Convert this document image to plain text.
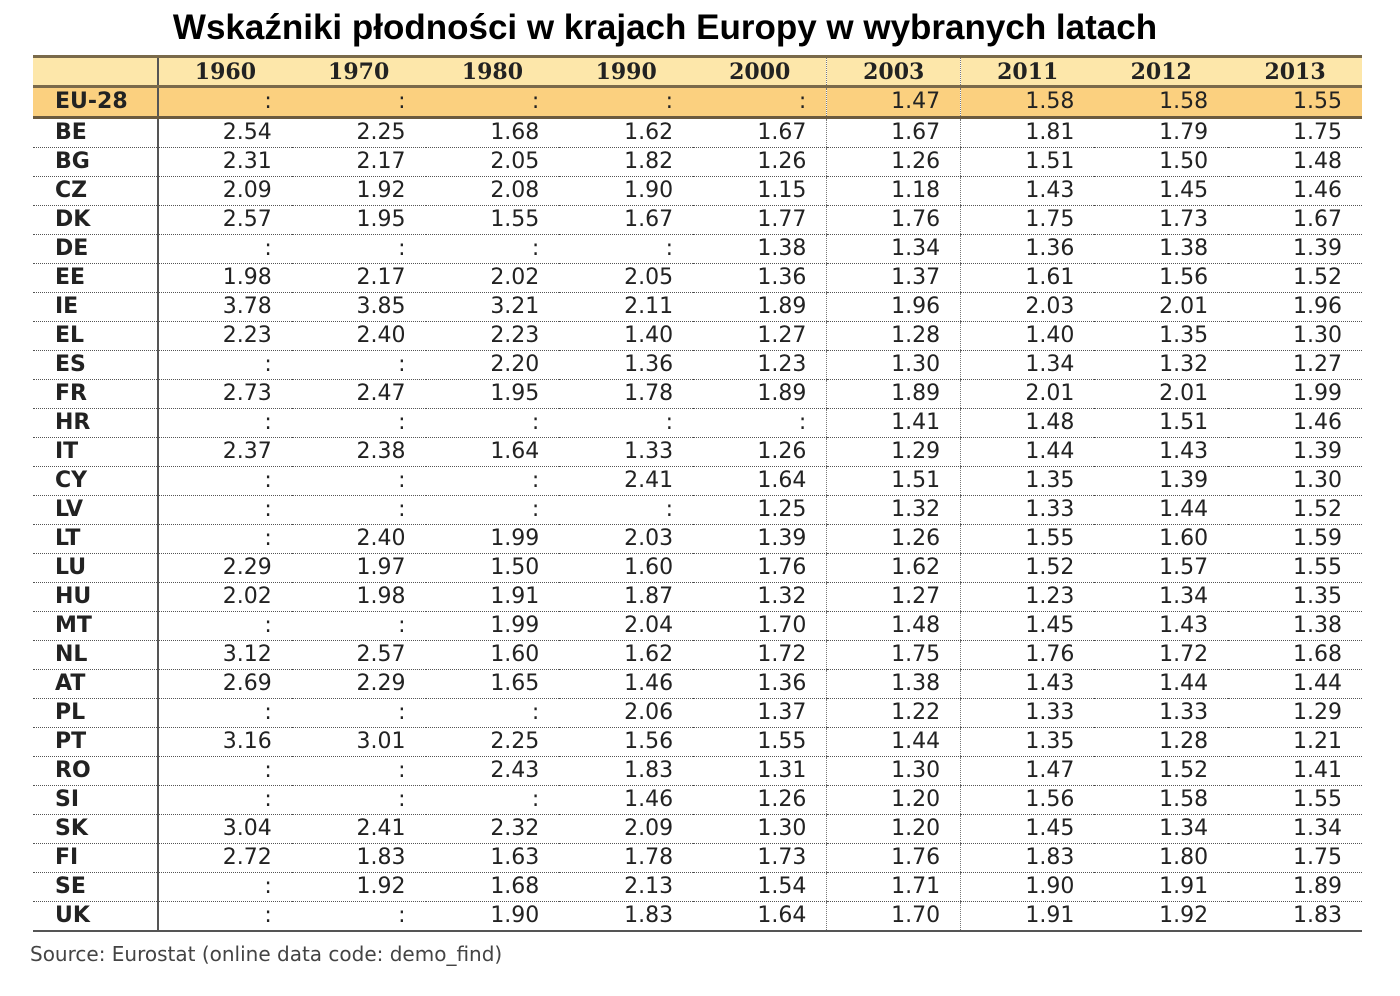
Wskaźniki płodności w krajach Europy w wybranych latach
	1960	1970	1980	1990	2000	2003	2011	2012	2013
EU-28	:	:	:	:	:	1.47	1.58	1.58	1.55
BE	2.54	2.25	1.68	1.62	1.67	1.67	1.81	1.79	1.75
BG	2.31	2.17	2.05	1.82	1.26	1.26	1.51	1.50	1.48
CZ	2.09	1.92	2.08	1.90	1.15	1.18	1.43	1.45	1.46
DK	2.57	1.95	1.55	1.67	1.77	1.76	1.75	1.73	1.67
DE	:	:	:	:	1.38	1.34	1.36	1.38	1.39
EE	1.98	2.17	2.02	2.05	1.36	1.37	1.61	1.56	1.52
IE	3.78	3.85	3.21	2.11	1.89	1.96	2.03	2.01	1.96
EL	2.23	2.40	2.23	1.40	1.27	1.28	1.40	1.35	1.30
ES	:	:	2.20	1.36	1.23	1.30	1.34	1.32	1.27
FR	2.73	2.47	1.95	1.78	1.89	1.89	2.01	2.01	1.99
HR	:	:	:	:	:	1.41	1.48	1.51	1.46
IT	2.37	2.38	1.64	1.33	1.26	1.29	1.44	1.43	1.39
CY	:	:	:	2.41	1.64	1.51	1.35	1.39	1.30
LV	:	:	:	:	1.25	1.32	1.33	1.44	1.52
LT	:	2.40	1.99	2.03	1.39	1.26	1.55	1.60	1.59
LU	2.29	1.97	1.50	1.60	1.76	1.62	1.52	1.57	1.55
HU	2.02	1.98	1.91	1.87	1.32	1.27	1.23	1.34	1.35
MT	:	:	1.99	2.04	1.70	1.48	1.45	1.43	1.38
NL	3.12	2.57	1.60	1.62	1.72	1.75	1.76	1.72	1.68
AT	2.69	2.29	1.65	1.46	1.36	1.38	1.43	1.44	1.44
PL	:	:	:	2.06	1.37	1.22	1.33	1.33	1.29
PT	3.16	3.01	2.25	1.56	1.55	1.44	1.35	1.28	1.21
RO	:	:	2.43	1.83	1.31	1.30	1.47	1.52	1.41
SI	:	:	:	1.46	1.26	1.20	1.56	1.58	1.55
SK	3.04	2.41	2.32	2.09	1.30	1.20	1.45	1.34	1.34
FI	2.72	1.83	1.63	1.78	1.73	1.76	1.83	1.80	1.75
SE	:	1.92	1.68	2.13	1.54	1.71	1.90	1.91	1.89
UK	:	:	1.90	1.83	1.64	1.70	1.91	1.92	1.83
Source: Eurostat (online data code: demo_find)
